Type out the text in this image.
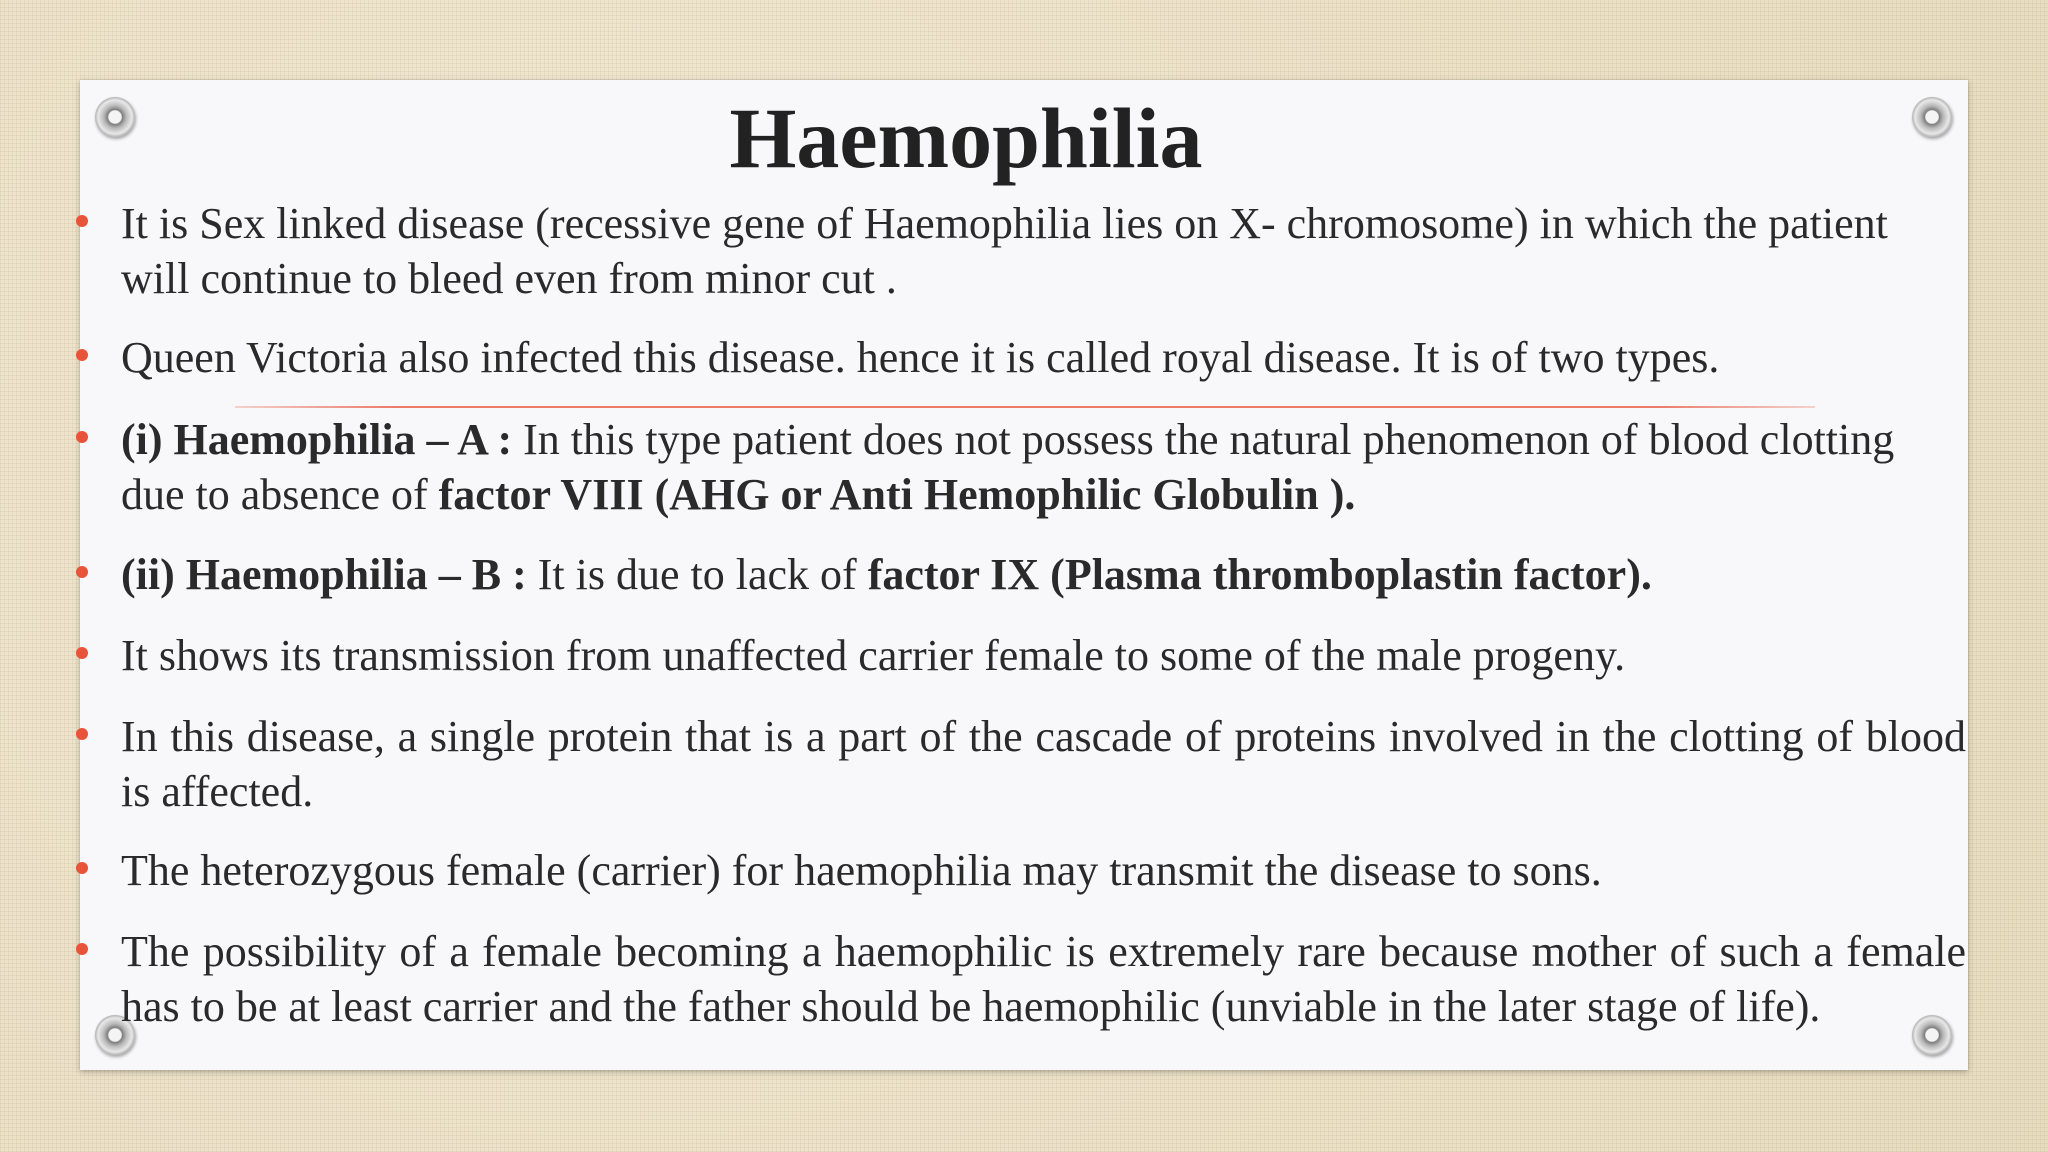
Haemophilia
It is Sex linked disease (recessive gene of Haemophilia lies on X- chromosome) in which the patient will continue to bleed even from minor cut .
Queen Victoria also infected this disease. hence it is called royal disease. It is of two types.
(i) Haemophilia – A : In this type patient does not possess the natural phenomenon of blood clotting due to absence of factor VIII (AHG or Anti Hemophilic Globulin ).
(ii) Haemophilia – B : It is due to lack of factor IX (Plasma thromboplastin factor).
It shows its transmission from unaffected carrier female to some of the male progeny.
In this disease, a single protein that is a part of the cascade of proteins involved in the clotting of blood is affected.
The heterozygous female (carrier) for haemophilia may transmit the disease to sons.
The possibility of a female becoming a haemophilic is extremely rare because mother of such a female has to be at least carrier and the father should be haemophilic (unviable in the later stage of life).
